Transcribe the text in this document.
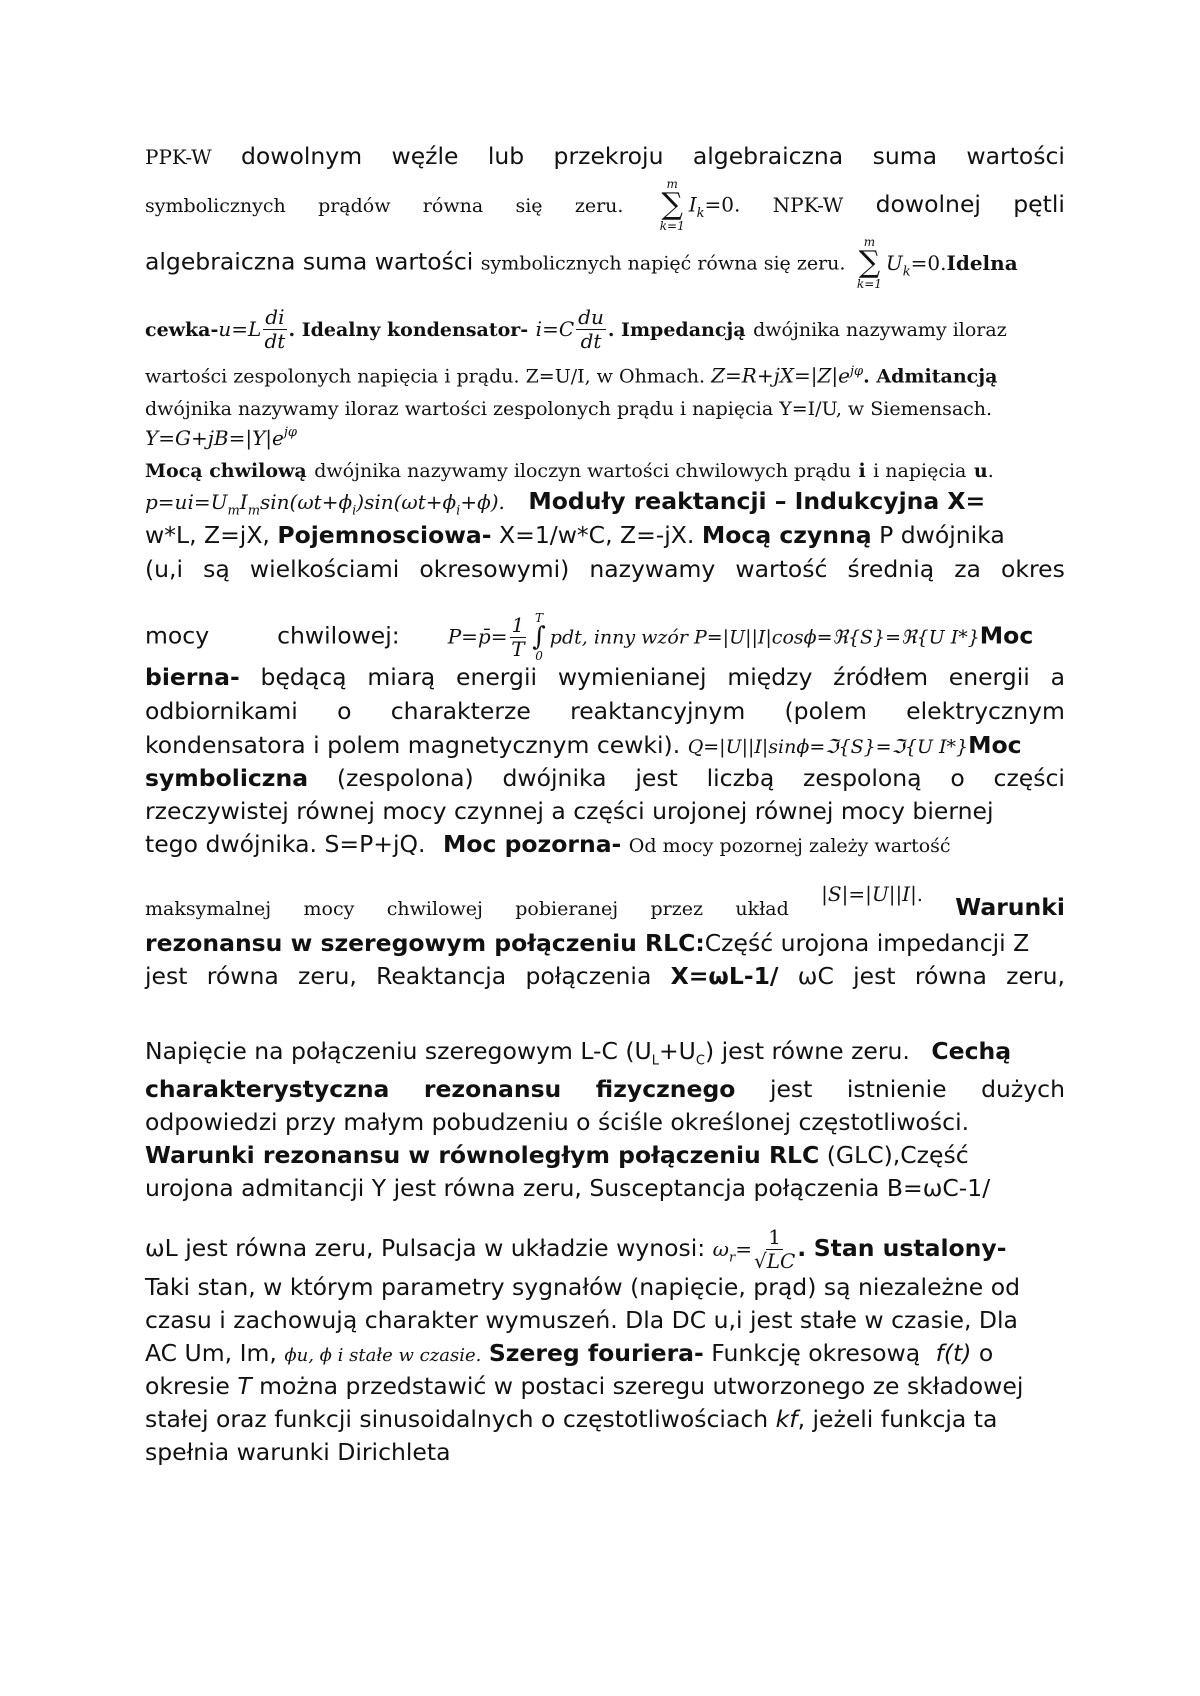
PPK-W dowolnym węźle lub przekroju algebraiczna suma wartości
symbolicznych prądów równa się zeru.
m
∑
k=1
$I_k=0$. NPK-W dowolnej pętli
algebraiczna suma wartości symbolicznych napięć równa się zeru.
m
∑
k=1
$U_k=0.Idelna$
cewka-u=L $\frac{di}{dt}$ . Idealny kondensator- $i=C \frac{du}{dt}$ . Impedancją dwójnika nazywamy iloraz
wartości zespolonych napięcia i prądu. Z=U/I, w Ohmach. $Z=R+jX=|Z|e^{j\varphi}$. Admitancją
dwójnika nazywamy iloraz wartości zespolonych prądu i napięcia Y=I/U, w Siemensach.
$Y=G+jB=|Y|e^{j\varphi}$
Mocą chwilową dwójnika nazywamy iloczyn wartości chwilowych prądu i i napięcia u.
$p=ui=U_mI_m\sin(\omega t+\phi_i)\sin(\omega t+\phi_i+\phi)$. Moduły reaktancji – Indukcyjna X=
w*L, Z=jX, Pojemnosciowa- X=1/w*C, Z=-jX. Mocą czynną P dwójnika
(u,i są wielkościami okresowymi) nazywamy wartość średnią za okres
mocy	chwilowej: P=p̄= $\frac{1}{T}$ T
∫
0
pdt, inny wzór P=|U||I|cosϕ=ℜ{S}=ℜ{U I*}Moc
bierna- będącą miarą energii wymienianej między źródłem energii a
odbiornikami o charakterze reaktancyjnym (polem elektrycznym
kondensatora i polem magnetycznym cewki). Q=|U||I|sinϕ=ℑ{S}=ℑ{U I*}Moc
symboliczna (zespolona) dwójnika jest liczbą zespoloną o części
rzeczywistej równej mocy czynnej a części urojonej równej mocy biernej
tego dwójnika. S=P+jQ. Moc pozorna- Od mocy pozornej zależy wartość
maksymalnej mocy chwilowej pobieranej przez układ
|S|=|U||I|. Warunki
rezonansu w szeregowym połączeniu RLC:Część urojona impedancji Z
jest równa zeru, Reaktancja połączenia X=ωL-1/ ωC jest równa zeru,
Napięcie na połączeniu szeregowym L-C $(U_L+U_C)$ jest równe zeru. Cechą
charakterystyczna rezonansu fizycznego jest istnienie dużych
odpowiedzi przy małym pobudzeniu o ściśle określonej częstotliwości.
Warunki rezonansu w równoległym połączeniu RLC (GLC),Część
urojona admitancji Y jest równa zeru, Susceptancja połączenia B=ωC-1/
ωL jest równa zeru, Pulsacja w układzie wynosi: $\omega_r= \frac{1}{√LC}$ . Stan ustalony-
Taki stan, w którym parametry sygnałów (napięcie, prąd) są niezależne od
czasu i zachowują charakter wymuszeń. Dla DC u,i jest stałe w czasie, Dla
AC Um, Im, ϕu, ϕ i stałe w czasie. Szereg fouriera- Funkcję okresową f(t) o
okresie T można przedstawić w postaci szeregu utworzonego ze składowej
stałej oraz funkcji sinusoidalnych o częstotliwościach kf, jeżeli funkcja ta
spełnia warunki Dirichleta
